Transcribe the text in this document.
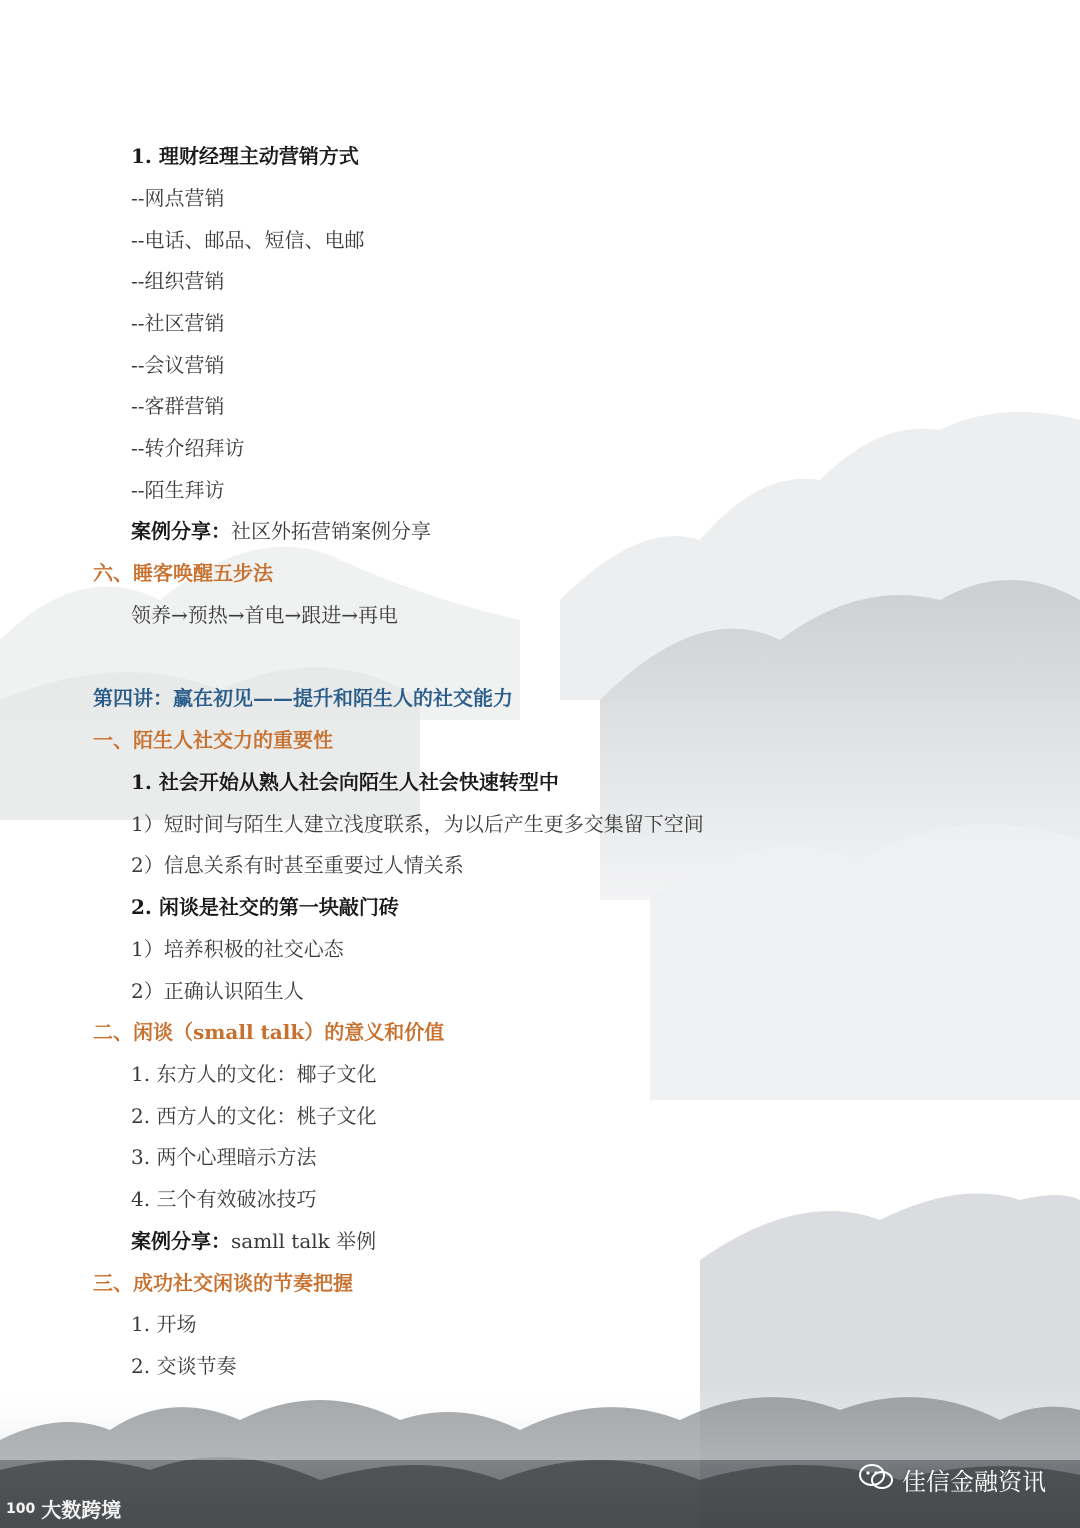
1. 理财经理主动营销方式
--网点营销
--电话、邮品、短信、电邮
--组织营销
--社区营销
--会议营销
--客群营销
--转介绍拜访
--陌生拜访
案例分享：社区外拓营销案例分享
六、睡客唤醒五步法
领养→预热→首电→跟进→再电
第四讲：赢在初见——提升和陌生人的社交能力
一、陌生人社交力的重要性
1. 社会开始从熟人社会向陌生人社会快速转型中
1）短时间与陌生人建立浅度联系，为以后产生更多交集留下空间
2）信息关系有时甚至重要过人情关系
2. 闲谈是社交的第一块敲门砖
1）培养积极的社交心态
2）正确认识陌生人
二、闲谈（small talk）的意义和价值
1. 东方人的文化：椰子文化
2. 西方人的文化：桃子文化
3. 两个心理暗示方法
4. 三个有效破冰技巧
案例分享：samll talk 举例
三、成功社交闲谈的节奏把握
1. 开场
2. 交谈节奏
100 大数跨境
佳信金融资讯
